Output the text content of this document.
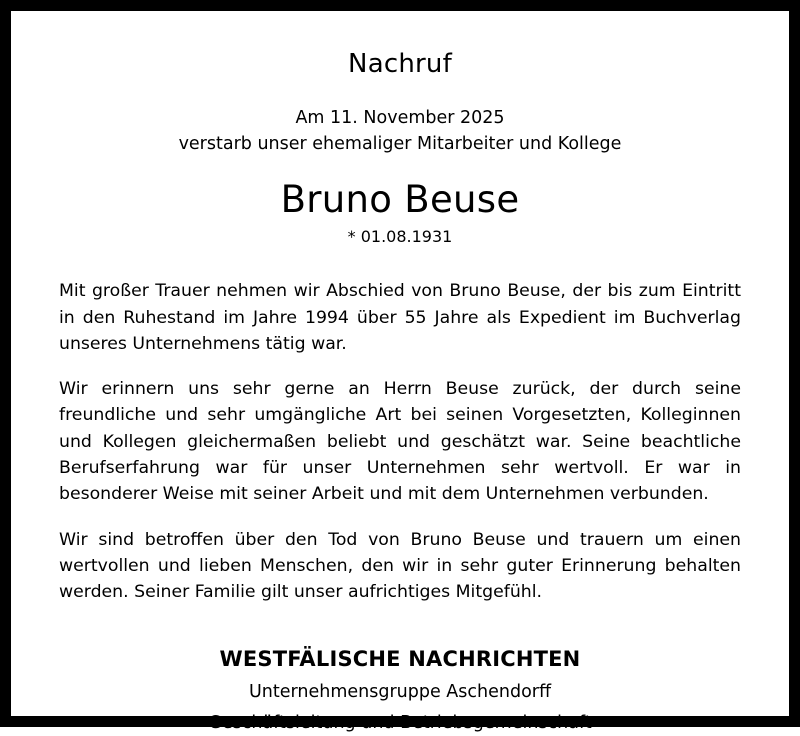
Nachruf
Am 11. November 2025
verstarb unser ehemaliger Mitarbeiter und Kollege
Bruno Beuse
* 01.08.1931

Mit großer Trauer nehmen wir Abschied von Bruno Beuse, der bis zum Eintritt in den Ruhestand im Jahre 1994 über 55 Jahre als Expedient im Buchverlag unseres Unternehmens tätig war.

Wir erinnern uns sehr gerne an Herrn Beuse zurück, der durch seine freundliche und sehr umgängliche Art bei seinen Vorgesetzten, Kolleginnen und Kollegen gleichermaßen beliebt und geschätzt war. Seine beachtliche Berufserfahrung war für unser Unternehmen sehr wertvoll. Er war in besonderer Weise mit seiner Arbeit und mit dem Unternehmen verbunden.

Wir sind betroffen über den Tod von Bruno Beuse und trauern um einen wertvollen und lieben Menschen, den wir in sehr guter Erinnerung behalten werden. Seiner Familie gilt unser aufrichtiges Mitgefühl.

WESTFÄLISCHE NACHRICHTEN
Unternehmensgruppe Aschendorff
Geschäftsleitung und Betriebsgemeinschaft
